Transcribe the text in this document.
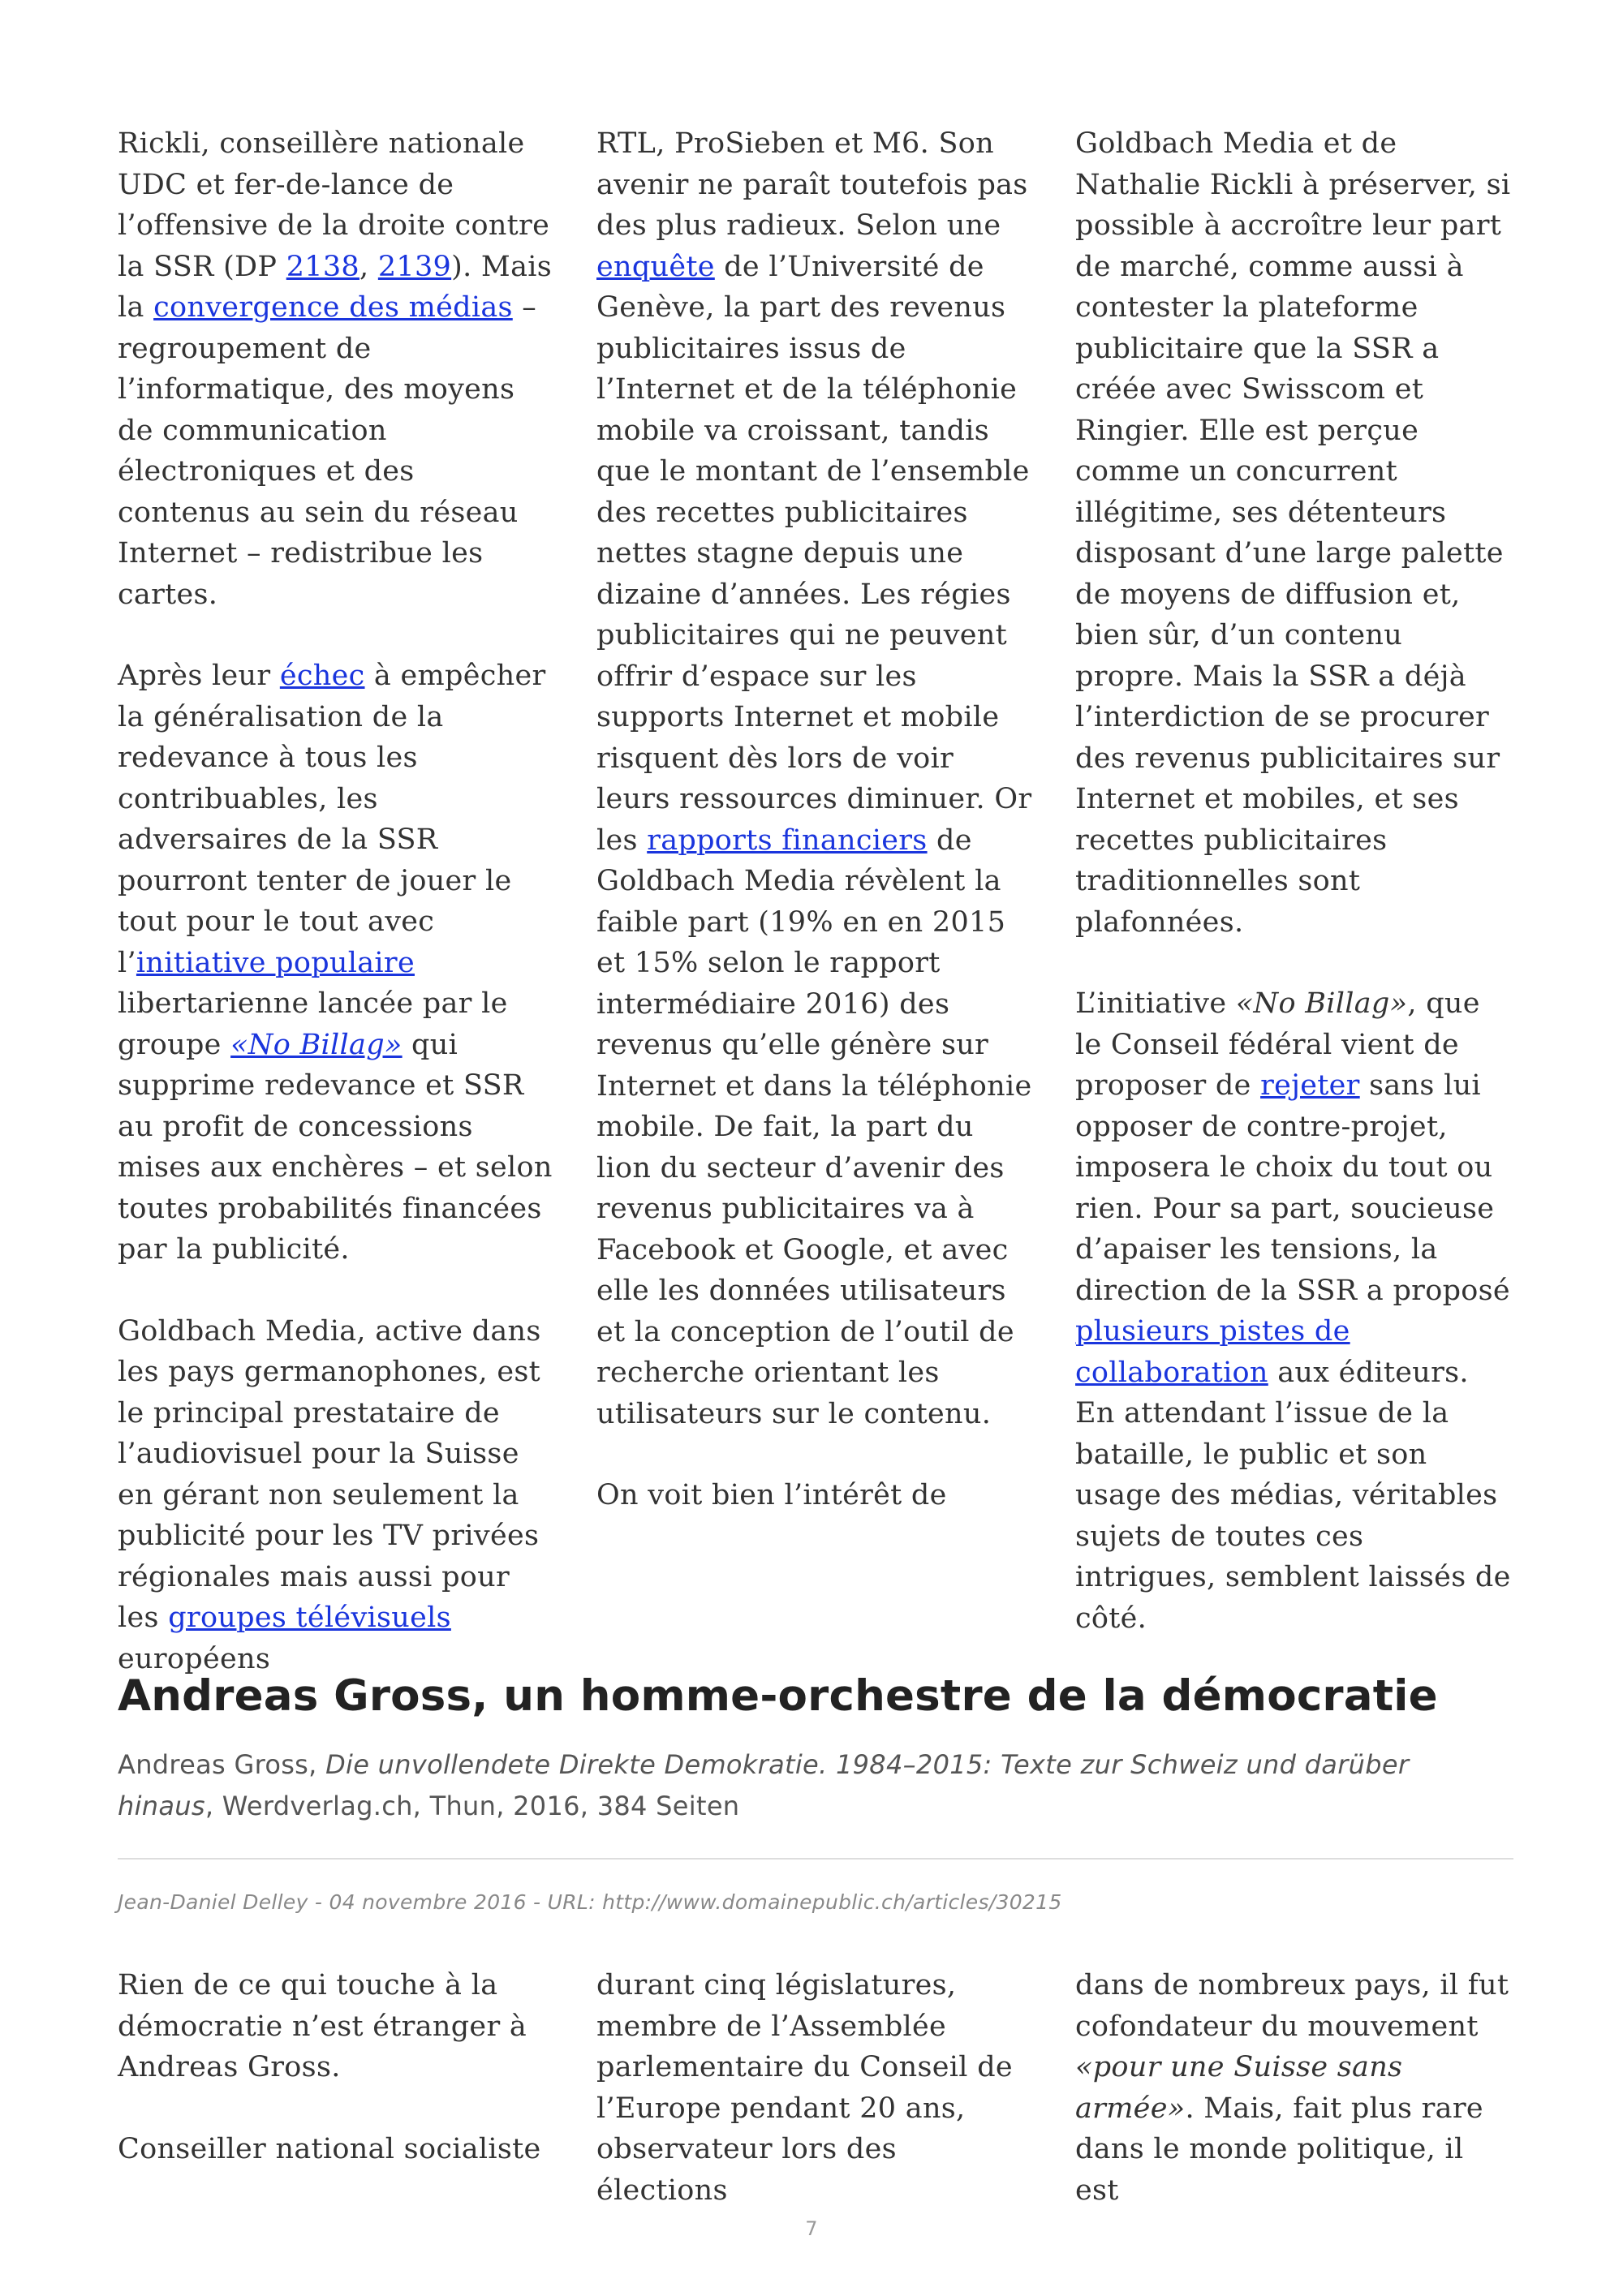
Rickli, conseillère nationale UDC et fer-de-lance de l’offensive de la droite contre la SSR (DP 2138, 2139). Mais la convergence des médias – regroupement de l’informatique, des moyens de communication électroniques et des contenus au sein du réseau Internet – redistribue les cartes.

Après leur échec à empêcher la généralisation de la redevance à tous les contribuables, les adversaires de la SSR pourront tenter de jouer le tout pour le tout avec l’initiative populaire libertarienne lancée par le groupe «No Billag» qui supprime redevance et SSR au profit de concessions mises aux enchères – et selon toutes probabilités financées par la publicité.

Goldbach Media, active dans les pays germanophones, est le principal prestataire de l’audiovisuel pour la Suisse en gérant non seulement la publicité pour les TV privées régionales mais aussi pour les groupes télévisuels européens

RTL, ProSieben et M6. Son avenir ne paraît toutefois pas des plus radieux. Selon une enquête de l’Université de Genève, la part des revenus publicitaires issus de l’Internet et de la téléphonie mobile va croissant, tandis que le montant de l’ensemble des recettes publicitaires nettes stagne depuis une dizaine d’années. Les régies publicitaires qui ne peuvent offrir d’espace sur les supports Internet et mobile risquent dès lors de voir leurs ressources diminuer. Or les rapports financiers de Goldbach Media révèlent la faible part (19% en en 2015 et 15% selon le rapport intermédiaire 2016) des revenus qu’elle génère sur Internet et dans la téléphonie mobile. De fait, la part du lion du secteur d’avenir des revenus publicitaires va à Facebook et Google, et avec elle les données utilisateurs et la conception de l’outil de recherche orientant les utilisateurs sur le contenu.

On voit bien l’intérêt de

Goldbach Media et de Nathalie Rickli à préserver, si possible à accroître leur part de marché, comme aussi à contester la plateforme publicitaire que la SSR a créée avec Swisscom et Ringier. Elle est perçue comme un concurrent illégitime, ses détenteurs disposant d’une large palette de moyens de diffusion et, bien sûr, d’un contenu propre. Mais la SSR a déjà l’interdiction de se procurer des revenus publicitaires sur Internet et mobiles, et ses recettes publicitaires traditionnelles sont plafonnées.

L’initiative «No Billag», que le Conseil fédéral vient de proposer de rejeter sans lui opposer de contre-projet, imposera le choix du tout ou rien. Pour sa part, soucieuse d’apaiser les tensions, la direction de la SSR a proposé plusieurs pistes de collaboration aux éditeurs. En attendant l’issue de la bataille, le public et son usage des médias, véritables sujets de toutes ces intrigues, semblent laissés de côté.

Andreas Gross, un homme-orchestre de la démocratie

Andreas Gross, Die unvollendete Direkte Demokratie. 1984–2015: Texte zur Schweiz und darüber hinaus, Werdverlag.ch, Thun, 2016, 384 Seiten

Jean-Daniel Delley - 04 novembre 2016 - URL: http://www.domainepublic.ch/articles/30215

Rien de ce qui touche à la démocratie n’est étranger à Andreas Gross.

Conseiller national socialiste

durant cinq législatures, membre de l’Assemblée parlementaire du Conseil de l’Europe pendant 20 ans, observateur lors des élections

dans de nombreux pays, il fut cofondateur du mouvement «pour une Suisse sans armée». Mais, fait plus rare dans le monde politique, il est

7
